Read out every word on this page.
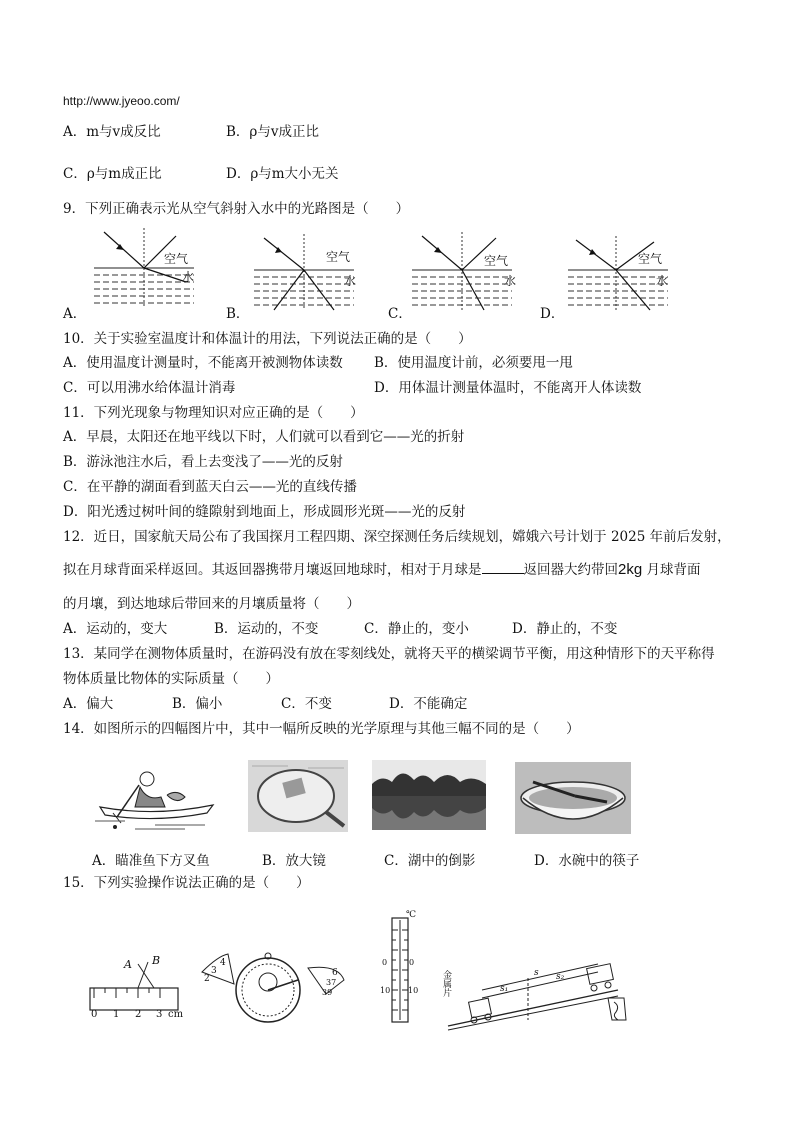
http://www.jyeoo.com/
A．m与v成反比	B．ρ与v成正比
C．ρ与m成正比	D．ρ与m大小无关
9．下列正确表示光从空气斜射入水中的光路图是（　　）
空气
水
A．
空气
水
B．
空气
水
C．
空气
水
D．
10．关于实验室温度计和体温计的用法，下列说法正确的是（　　）
A．使用温度计测量时，不能离开被测物体读数 B．使用温度计前，必须要甩一甩
C．可以用沸水给体温计消毒	D．用体温计测量体温时，不能离开人体读数
11．下列光现象与物理知识对应正确的是（　　）
A．早晨，太阳还在地平线以下时，人们就可以看到它——光的折射
B．游泳池注水后，看上去变浅了——光的反射
C．在平静的湖面看到蓝天白云——光的直线传播
D．阳光透过树叶间的缝隙射到地面上，形成圆形光斑——光的反射
12．近日，国家航天局公布了我国探月工程四期、深空探测任务后续规划，嫦娥六号计划于 2025 年前后发射，
拟在月球背面采样返回。其返回器携带月壤返回地球时，相对于月球是	返回器大约带回2kg 月球背面
的月壤，到达地球后带回来的月壤质量将（　　）
A．运动的，变大	B．运动的，不变	C．静止的，变小	D．静止的，不变
13．某同学在测物体质量时，在游码没有放在零刻线处，就将天平的横梁调节平衡，用这种情形下的天平称得
物体质量比物体的实际质量（　　）
A．偏大	B．偏小	C．不变	D．不能确定
14．如图所示的四幅图片中，其中一幅所反映的光学原理与其他三幅不同的是（　　）
A．瞄准鱼下方叉鱼	B．放大镜	C．湖中的倒影	D．水碗中的筷子
15．下列实验操作说法正确的是（　　）
A B
0 1 2 3 cm
4
3
2
6
37
39
℃
0	0
10 10	金属片	s
s₁
s₂
